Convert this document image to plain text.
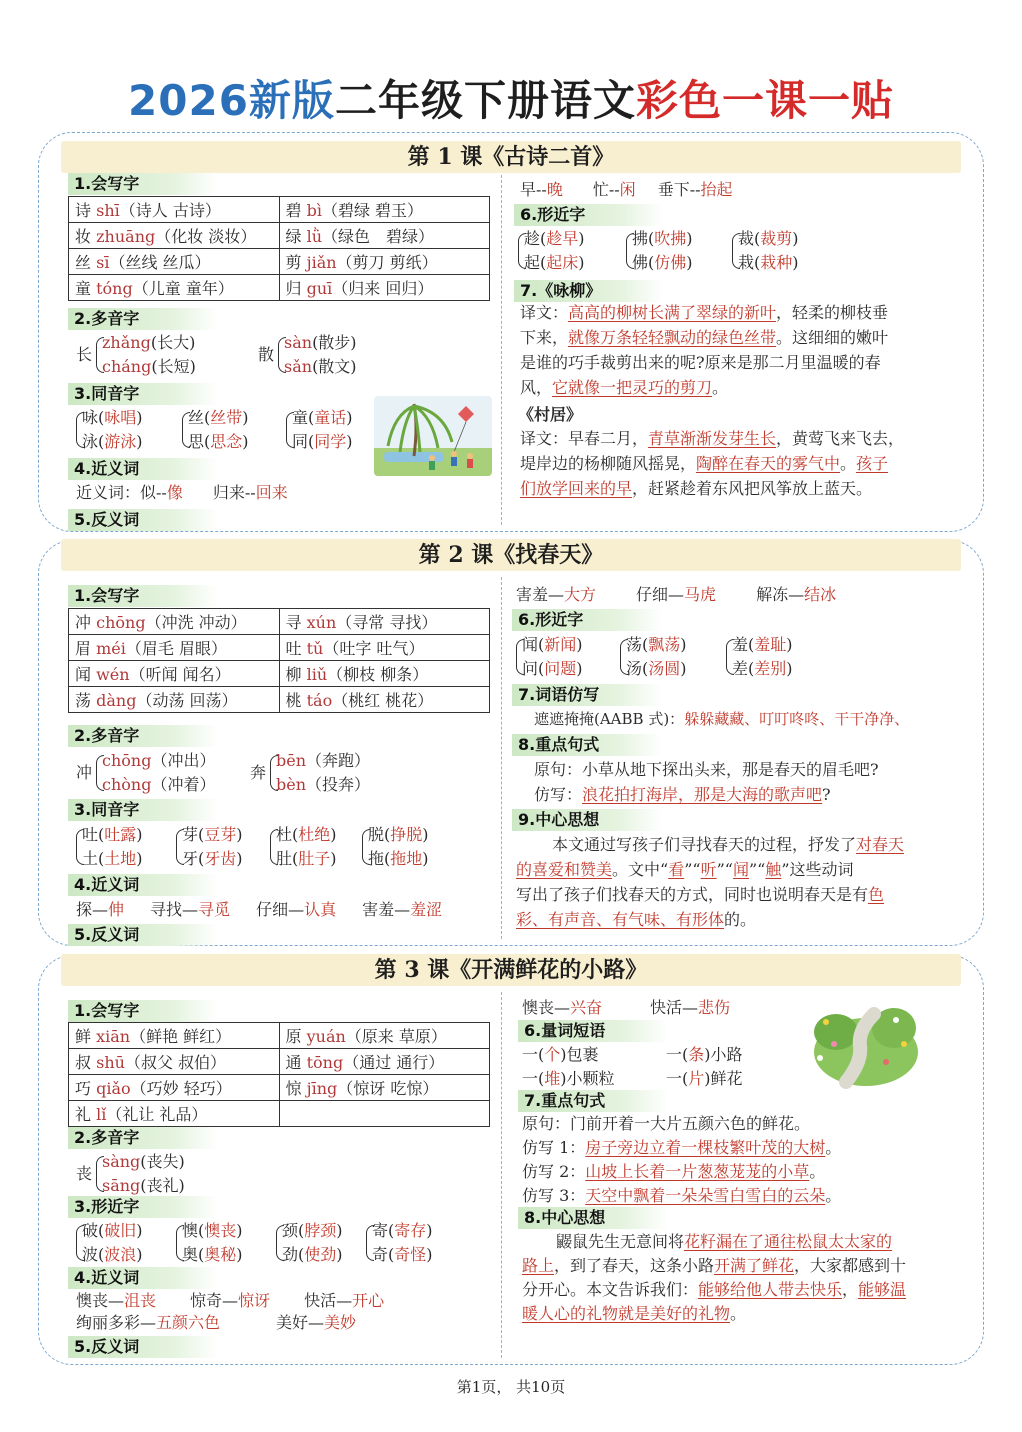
2026新版二年级下册语文彩色一课一贴
第 1 课《古诗二首》
1.会写字
诗 shī（诗人 古诗）	碧 bì（碧绿 碧玉）
妆 zhuāng（化妆 淡妆）	绿 lǜ（绿色　碧绿）
丝 sī（丝线 丝瓜）	剪 jiǎn（剪刀 剪纸）
童 tóng（儿童 童年）	归 guī（归来 回归）
2.多音字
长
zhǎng(长大)
cháng(长短)
散
sàn(散步)
sǎn(散文)
3.同音字
咏(咏唱)
泳(游泳)
丝(丝带)
思(思念)
童(童话)
同(同学)
4.近义词
近义词：似--像 归来--回来
5.反义词
早--晚 忙--闲 垂下--抬起
6.形近字
趁(趁早)
起(起床)
拂(吹拂)
佛(仿佛)
裁(裁剪)
栽(栽种)
7.《咏柳》
译文：高高的柳树长满了翠绿的新叶，轻柔的柳枝垂
下来，就像万条轻轻飘动的绿色丝带。这细细的嫩叶
是谁的巧手裁剪出来的呢?原来是那二月里温暖的春
风，它就像一把灵巧的剪刀。
《村居》
译文：早春二月，青草渐渐发芽生长，黄莺飞来飞去，
堤岸边的杨柳随风摇晃，陶醉在春天的雾气中。孩子
们放学回来的早，赶紧趁着东风把风筝放上蓝天。
第 2 课《找春天》
1.会写字
冲 chōng（冲洗 冲动）	寻 xún（寻常 寻找）
眉 méi（眉毛 眉眼）	吐 tǔ（吐字 吐气）
闻 wén（听闻 闻名）	柳 liǔ（柳枝 柳条）
荡 dàng（动荡 回荡）	桃 táo（桃红 桃花）
2.多音字
冲
chōng（冲出）
chòng（冲着）
奔
bēn（奔跑）
bèn（投奔）
3.同音字
吐(吐露)
土(土地)
芽(豆芽)
牙(牙齿)
杜(杜绝)
肚(肚子)
脱(挣脱)
拖(拖地)
4.近义词
探—伸 寻找—寻觅 仔细—认真 害羞—羞涩
5.反义词
害羞—大方	仔细—马虎	解冻—结冰
6.形近字
闻(新闻)
问(问题)
荡(飘荡)
汤(汤圆)
羞(羞耻)
差(差别)
7.词语仿写
遮遮掩掩(AABB 式)：躲躲藏藏、叮叮咚咚、干干净净、
8.重点句式
原句：小草从地下探出头来，那是春天的眉毛吧?
仿写：浪花拍打海岸，那是大海的歌声吧?
9.中心思想
本文通过写孩子们寻找春天的过程，抒发了对春天
的喜爱和赞美。文中“看”“听”“闻”“触”这些动词
写出了孩子们找春天的方式，同时也说明春天是有色
彩、有声音、有气味、有形体的。
第 3 课《开满鲜花的小路》
1.会写字
鲜 xiān（鲜艳 鲜红）	原 yuán（原来 草原）
叔 shū（叔父 叔伯）	通 tōng（通过 通行）
巧 qiǎo（巧妙 轻巧）	惊 jīng（惊讶 吃惊）
礼 lǐ（礼让 礼品）	
2.多音字
丧
sàng(丧失)
sāng(丧礼)
3.形近字
破(破旧)
波(波浪)
懊(懊丧)
奥(奥秘)
颈(脖颈)
劲(使劲)
寄(寄存)
奇(奇怪)
4.近义词
懊丧—沮丧 惊奇—惊讶 快活—开心
绚丽多彩—五颜六色	美好—美妙
5.反义词
懊丧—兴奋	快活—悲伤
6.量词短语
一(个)包裹	一(条)小路
一(堆)小颗粒	一(片)鲜花
7.重点句式
原句：门前开着一大片五颜六色的鲜花。
仿写 1：房子旁边立着一棵枝繁叶茂的大树。
仿写 2：山坡上长着一片葱葱茏茏的小草。
仿写 3：天空中飘着一朵朵雪白雪白的云朵。
8.中心思想
鼹鼠先生无意间将花籽漏在了通往松鼠太太家的
路上，到了春天，这条小路开满了鲜花，大家都感到十
分开心。本文告诉我们：能够给他人带去快乐，能够温
暖人心的礼物就是美好的礼物。
第1页， 共10页
